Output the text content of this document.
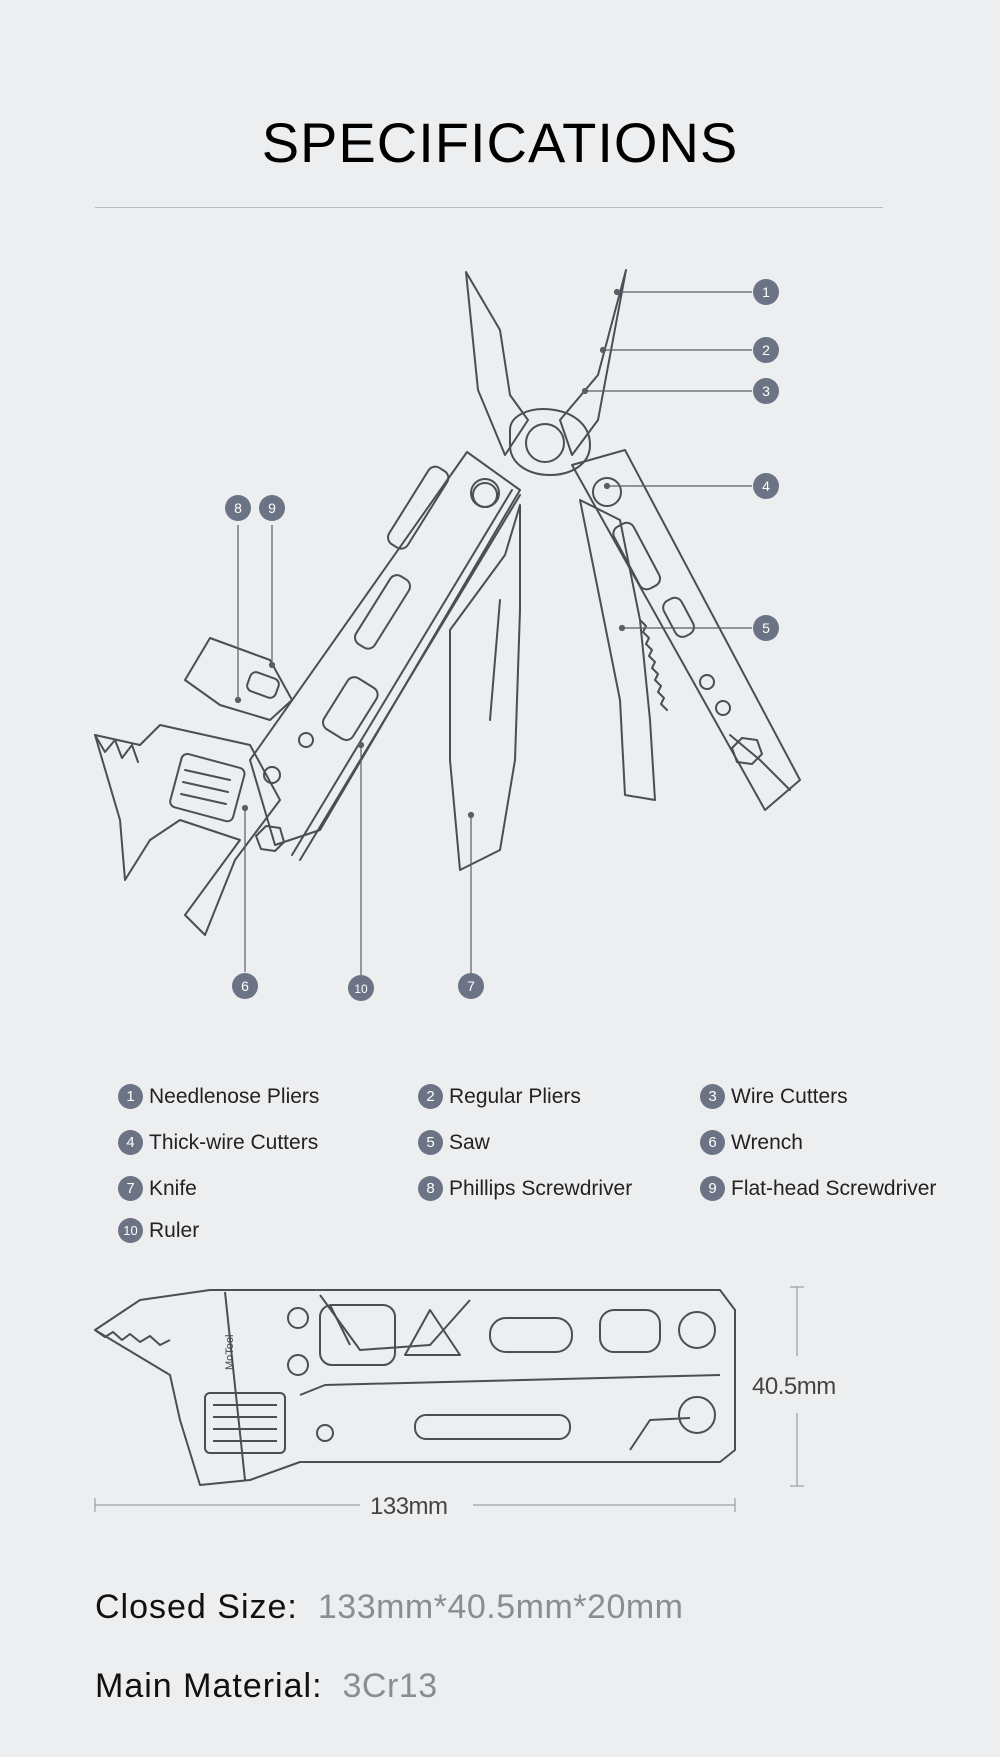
SPECIFICATIONS
1
2
3
4
5
8 9
6	10	7
1 Needlenose Pliers	2 Regular Pliers	3 Wire Cutters
4 Thick-wire Cutters	5 Saw	6 Wrench
7 Knife	8 Phillips Screwdriver	9 Flat-head Screwdriver
10 Ruler
MoTool
40.5mm
133mm
Closed Size: 133mm*40.5mm*20mm
Main Material: 3Cr13
